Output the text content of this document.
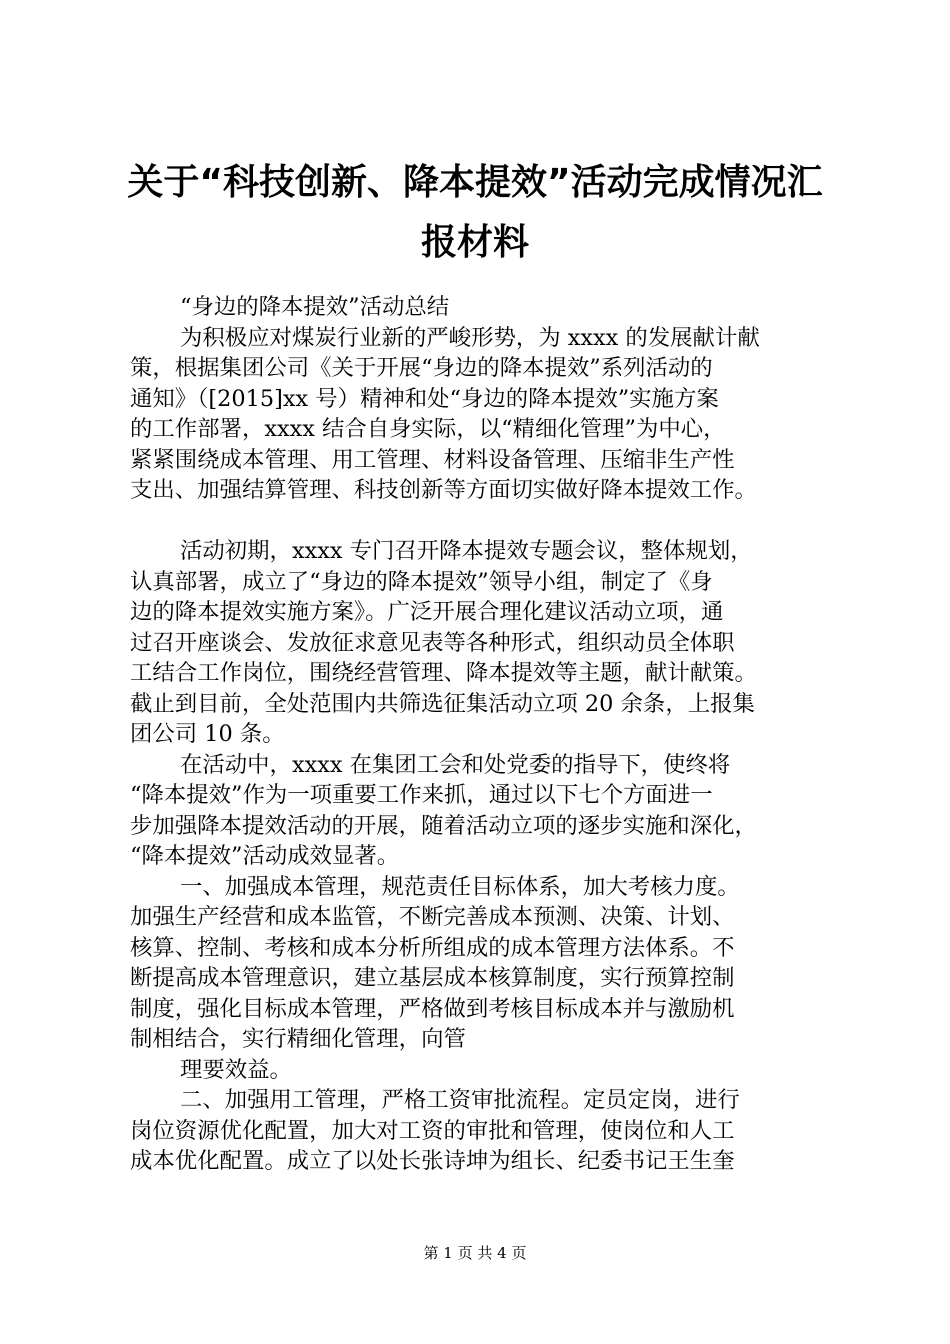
关于“科技创新、降本提效”活动完成情况汇
报材料
“身边的降本提效”活动总结
为积极应对煤炭行业新的严峻形势，为 xxxx 的发展献计献
策，根据集团公司《关于开展“身边的降本提效”系列活动的
通知》（[2015]xx 号）精神和处“身边的降本提效”实施方案
的工作部署，xxxx 结合自身实际，以“精细化管理”为中心，
紧紧围绕成本管理、用工管理、材料设备管理、压缩非生产性
支出、加强结算管理、科技创新等方面切实做好降本提效工作。
活动初期，xxxx 专门召开降本提效专题会议，整体规划，
认真部署，成立了“身边的降本提效”领导小组，制定了《身
边的降本提效实施方案》。广泛开展合理化建议活动立项，通
过召开座谈会、发放征求意见表等各种形式，组织动员全体职
工结合工作岗位，围绕经营管理、降本提效等主题，献计献策。
截止到目前，全处范围内共筛选征集活动立项 20 余条，上报集
团公司 10 条。
在活动中，xxxx 在集团工会和处党委的指导下，使终将
“降本提效”作为一项重要工作来抓，通过以下七个方面进一
步加强降本提效活动的开展，随着活动立项的逐步实施和深化，
“降本提效”活动成效显著。
一、加强成本管理，规范责任目标体系，加大考核力度。
加强生产经营和成本监管，不断完善成本预测、决策、计划、
核算、控制、考核和成本分析所组成的成本管理方法体系。不
断提高成本管理意识，建立基层成本核算制度，实行预算控制
制度，强化目标成本管理，严格做到考核目标成本并与激励机
制相结合，实行精细化管理，向管
理要效益。
二、加强用工管理，严格工资审批流程。定员定岗，进行
岗位资源优化配置，加大对工资的审批和管理，使岗位和人工
成本优化配置。成立了以处长张诗坤为组长、纪委书记王生奎
第 1 页 共 4 页
